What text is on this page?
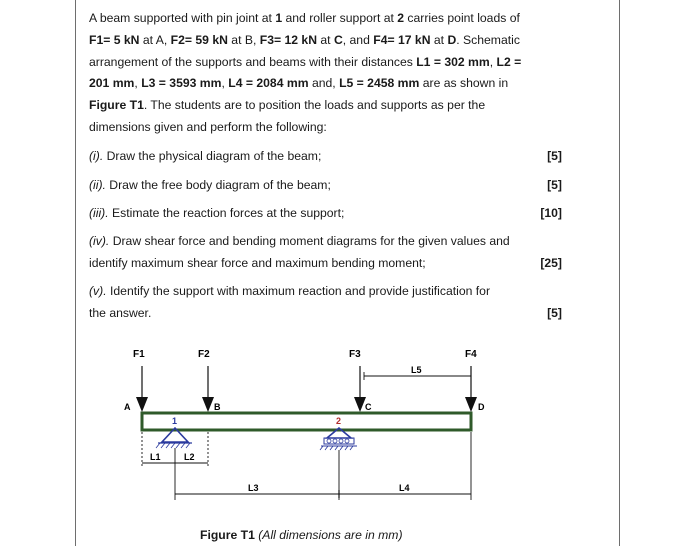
A beam supported with pin joint at 1 and roller support at 2 carries point loads of F1= 5 kN at A, F2= 59 kN at B, F3= 12 kN at C, and F4= 17 kN at D. Schematic arrangement of the supports and beams with their distances L1 = 302 mm, L2 = 201 mm, L3 = 3593 mm, L4 = 2084 mm and, L5 = 2458 mm are as shown in Figure T1. The students are to position the loads and supports as per the dimensions given and perform the following:

(i). Draw the physical diagram of the beam;	[5]
(ii). Draw the free body diagram of the beam;	[5]
(iii). Estimate the reaction forces at the support;	[10]
(iv). Draw shear force and bending moment diagrams for the given values and
identify maximum shear force and maximum bending moment;	[25]
(v). Identify the support with maximum reaction and provide justification for
the answer.	[5]
F1	F2	F3	F4
A	B	C	D
1	2
L5
L1	L2
L3	L4
Figure T1 (All dimensions are in mm)
